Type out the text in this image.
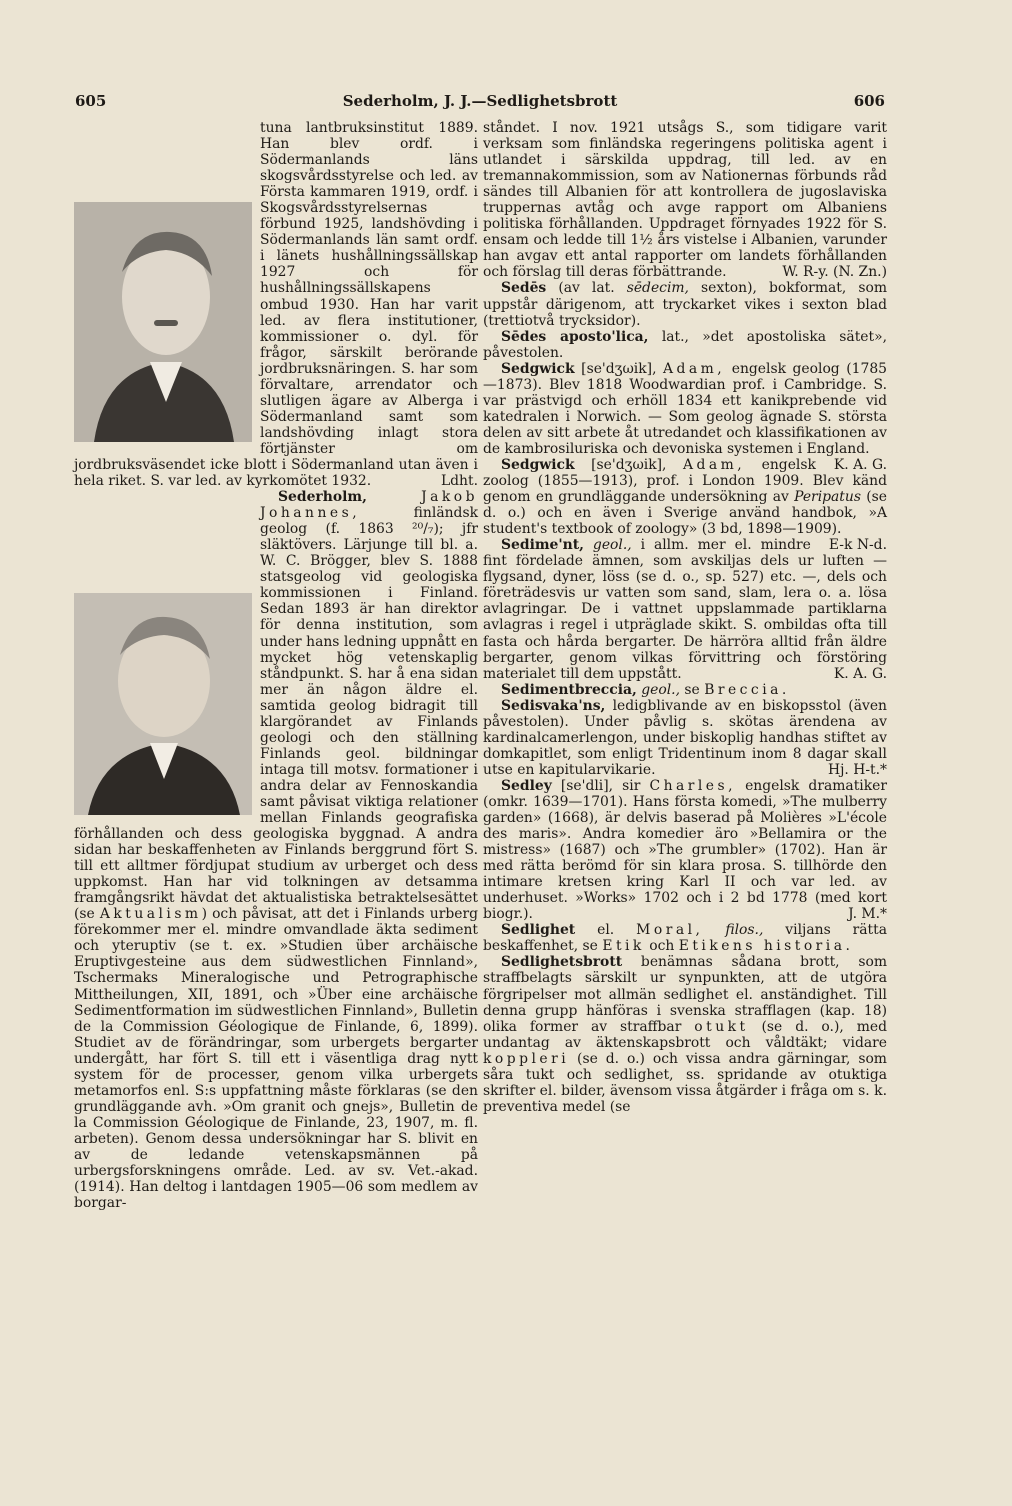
605	Sederholm, J. J.—Sedlighetsbrott	606

tuna lantbruksinstitut 1889. Han blev ordf. i Södermanlands läns skogsvårdsstyrelse och led. av Första kammaren 1919, ordf. i Skogsvårdsstyrelsernas förbund 1925, landshövding i Södermanlands län samt ordf. i länets hushållningssällskap 1927 och för hushållningssällskapens ombud 1930. Han har varit led. av flera institutioner, kommissioner o. dyl. för frågor, särskilt berörande jordbruksnäringen. S. har som förvaltare, arrendator och slutligen ägare av Alberga i Södermanland samt som landshövding inlagt stora förtjänster om jordbruksväsendet icke blott i Södermanland utan även i hela riket. S. var led. av kyrkomötet 1932.	Ldht.

Sederholm,	Jakob Johannes,	finländsk geolog (f. 1863 ²⁰/₇); jfr släktövers. Lärjunge till bl. a. W. C. Brögger, blev S. 1888 statsgeolog vid geologiska kommissionen i Finland. Sedan 1893 är han direktor för denna institution, som under hans ledning uppnått en mycket hög vetenskaplig ståndpunkt. S. har å ena sidan mer än någon äldre el. samtida geolog bidragit till klargörandet av Finlands geologi och den ställning Finlands geol. bildningar intaga till motsv. formationer i andra delar av Fennoskandia samt påvisat viktiga relationer mellan Finlands geografiska förhållanden och dess geologiska byggnad. A andra sidan har beskaffenheten av Finlands berggrund fört S. till ett alltmer fördjupat studium av urberget och dess uppkomst. Han har vid tolkningen av detsamma framgångsrikt hävdat det aktualistiska betraktelsesättet (se Aktualism) och påvisat, att det i Finlands urberg förekommer mer el. mindre omvandlade äkta sediment och yteruptiv (se t. ex. »Studien über archäische Eruptivgesteine aus dem südwestlichen Finnland», Tschermaks Mineralogische und Petrographische Mittheilungen, XII, 1891, och »Über eine archäische Sedimentformation im südwestlichen Finnland», Bulletin de la Commission Géologique de Finlande, 6, 1899). Studiet av de förändringar, som urbergets bergarter undergått, har fört S. till ett i väsentliga drag nytt system för de processer, genom vilka urbergets metamorfos enl. S:s uppfattning måste förklaras (se den grundläggande avh. »Om granit och gnejs», Bulletin de la Commission Géologique de Finlande, 23, 1907, m. fl. arbeten). Genom dessa undersökningar har S. blivit en av de ledande vetenskapsmännen på urbergsforskningens område. Led. av sv. Vet.-akad. (1914). Han deltog i lantdagen 1905—06 som medlem av borgar-

ståndet. I nov. 1921 utsågs S., som tidigare varit verksam som finländska regeringens politiska agent i utlandet i särskilda uppdrag, till led. av en tremannakommission, som av Nationernas förbunds råd sändes till Albanien för att kontrollera de jugoslaviska truppernas avtåg och avge rapport om Albaniens politiska förhållanden. Uppdraget förnyades 1922 för S. ensam och ledde till 1½ års vistelse i Albanien, varunder han avgav ett antal rapporter om landets förhållanden och förslag till deras förbättrande.	W. R-y. (N. Zn.)

Sedēs (av lat. sēdecim, sexton), bokformat, som uppstår därigenom, att tryckarket vikes i sexton blad (trettiotvå trycksidor).

Sēdes aposto'lica, lat., »det apostoliska sätet», påvestolen.

Sedgwick [se'dʒωik], Adam, engelsk geolog (1785—1873). Blev 1818 Woodwardian prof. i Cambridge. S. var prästvigd och erhöll 1834 ett kanikprebende vid katedralen i Norwich. — Som geolog ägnade S. största delen av sitt arbete åt utredandet och klassifikationen av de kambrosiluriska och devoniska systemen i England.
K. A. G.

Sedgwick [se'dʒωik], Adam, engelsk zoolog (1855—1913), prof. i London 1909. Blev känd genom en grundläggande undersökning av Peripatus (se d. o.) och en även i Sverige använd handbok, »A student's textbook of zoology» (3 bd, 1898—1909).
E-k N-d.

Sedime'nt, geol., i allm. mer el. mindre fint fördelade ämnen, som avskiljas dels ur luften — flygsand, dyner, löss (se d. o., sp. 527) etc. —, dels och företrädesvis ur vatten som sand, slam, lera o. a. lösa avlagringar. De i vattnet uppslammade partiklarna avlagras i regel i utpräglade skikt. S. ombildas ofta till fasta och hårda bergarter. De härröra alltid från äldre bergarter, genom vilkas förvittring och förstöring materialet till dem uppstått.	K. A. G.

Sedimentbreccia, geol., se Breccia.

Sedisvaka'ns, ledigblivande av en biskopsstol (även påvestolen). Under påvlig s. skötas ärendena av kardinalcamerlengon, under biskoplig handhas stiftet av domkapitlet, som enligt Tridentinum inom 8 dagar skall utse en kapitularvikarie.	Hj. H-t.*

Sedley [se'dli], sir Charles, engelsk dramatiker (omkr. 1639—1701). Hans första komedi, »The mulberry garden» (1668), är delvis baserad på Molières »L'école des maris». Andra komedier äro »Bellamira or the mistress» (1687) och »The grumbler» (1702). Han är med rätta berömd för sin klara prosa. S. tillhörde den intimare kretsen kring Karl II och var led. av underhuset. »Works» 1702 och i 2 bd 1778 (med kort biogr.).	J. M.*

Sedlighet el. Moral, filos., viljans rätta beskaffenhet, se Etik och Etikens historia.

Sedlighetsbrott benämnas sådana brott, som straffbelagts särskilt ur synpunkten, att de utgöra förgripelser mot allmän sedlighet el. anständighet. Till denna grupp hänföras i svenska strafflagen (kap. 18) olika former av straffbar otukt (se d. o.), med undantag av äktenskapsbrott och våldtäkt; vidare koppleri (se d. o.) och vissa andra gärningar, som såra tukt och sedlighet, ss. spridande av otuktiga skrifter el. bilder, ävensom vissa åtgärder i fråga om s. k. preventiva medel (se
